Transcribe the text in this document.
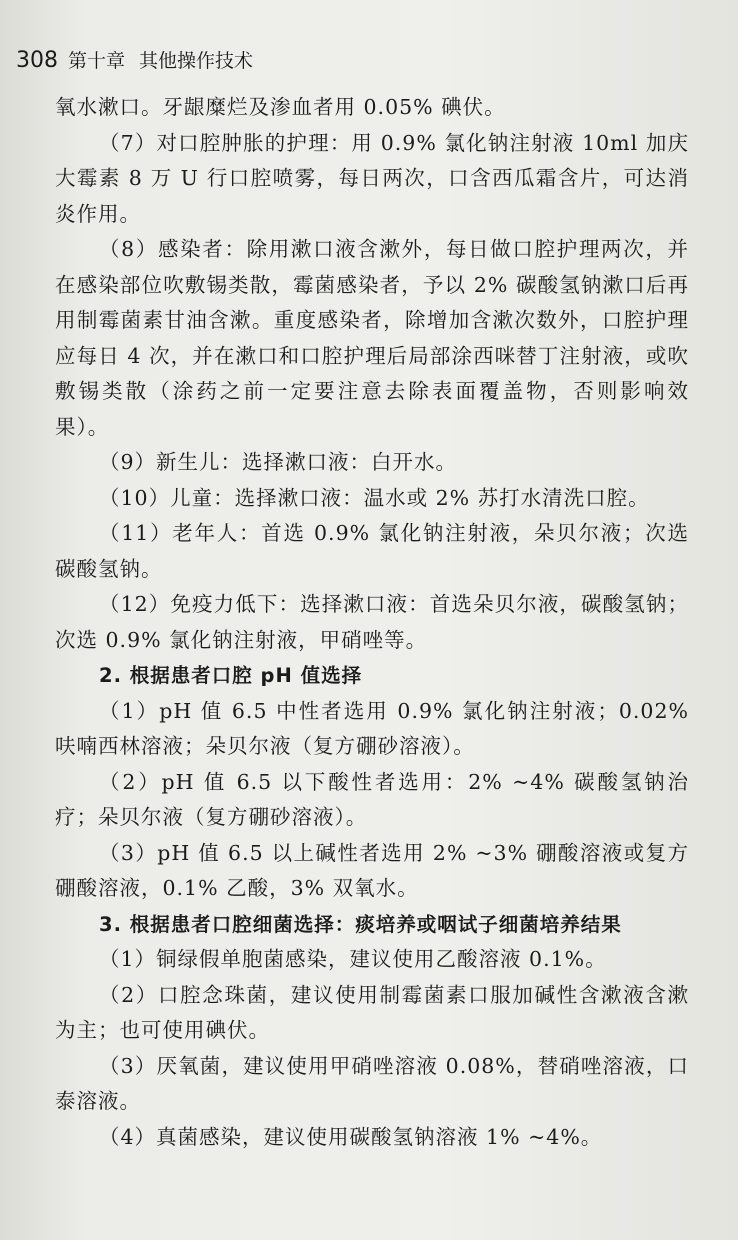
308 第十章 其他操作技术

氧水漱口。牙龈糜烂及渗血者用 0.05% 碘伏。

（7）对口腔肿胀的护理：用 0.9% 氯化钠注射液 10ml 加庆大霉素 8 万 U 行口腔喷雾，每日两次，口含西瓜霜含片，可达消炎作用。

（8）感染者：除用漱口液含漱外，每日做口腔护理两次，并在感染部位吹敷锡类散，霉菌感染者，予以 2% 碳酸氢钠漱口后再用制霉菌素甘油含漱。重度感染者，除增加含漱次数外，口腔护理应每日 4 次，并在漱口和口腔护理后局部涂西咪替丁注射液，或吹敷锡类散（涂药之前一定要注意去除表面覆盖物，否则影响效果）。

（9）新生儿：选择漱口液：白开水。

（10）儿童：选择漱口液：温水或 2% 苏打水清洗口腔。

（11）老年人：首选 0.9% 氯化钠注射液，朵贝尔液；次选碳酸氢钠。

（12）免疫力低下：选择漱口液：首选朵贝尔液，碳酸氢钠；次选 0.9% 氯化钠注射液，甲硝唑等。

2. 根据患者口腔 pH 值选择

（1）pH 值 6.5 中性者选用 0.9% 氯化钠注射液；0.02% 呋喃西林溶液；朵贝尔液（复方硼砂溶液）。

（2）pH 值 6.5 以下酸性者选用：2% ~4% 碳酸氢钠治疗；朵贝尔液（复方硼砂溶液）。

（3）pH 值 6.5 以上碱性者选用 2% ~3% 硼酸溶液或复方硼酸溶液，0.1% 乙酸，3% 双氧水。

3. 根据患者口腔细菌选择：痰培养或咽试子细菌培养结果

（1）铜绿假单胞菌感染，建议使用乙酸溶液 0.1%。

（2）口腔念珠菌，建议使用制霉菌素口服加碱性含漱液含漱为主；也可使用碘伏。

（3）厌氧菌，建议使用甲硝唑溶液 0.08%，替硝唑溶液，口泰溶液。

（4）真菌感染，建议使用碳酸氢钠溶液 1% ~4%。
